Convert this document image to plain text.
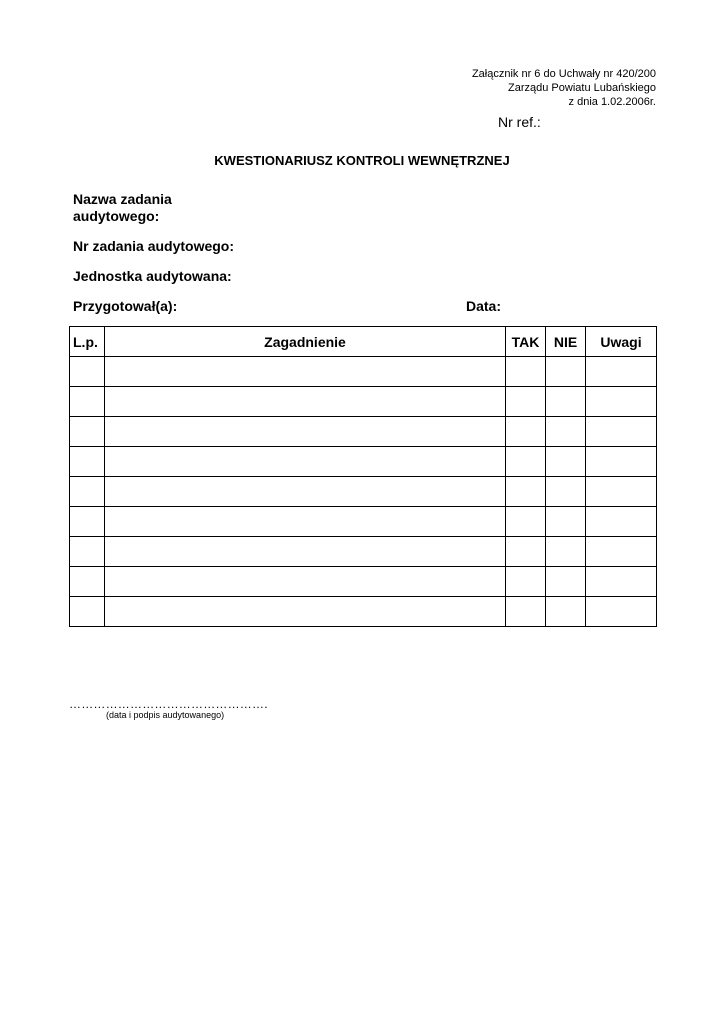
Załącznik nr 6 do Uchwały nr 420/200
Zarządu Powiatu Lubańskiego
z dnia 1.02.2006r.
Nr ref.:
KWESTIONARIUSZ KONTROLI WEWNĘTRZNEJ
Nazwa zadania audytowego:
Nr zadania audytowego:
Jednostka audytowana:
Przygotował(a):	Data:
L.p.	Zagadnienie	TAK	NIE	Uwagi

………………………………………….
(data i podpis audytowanego)
